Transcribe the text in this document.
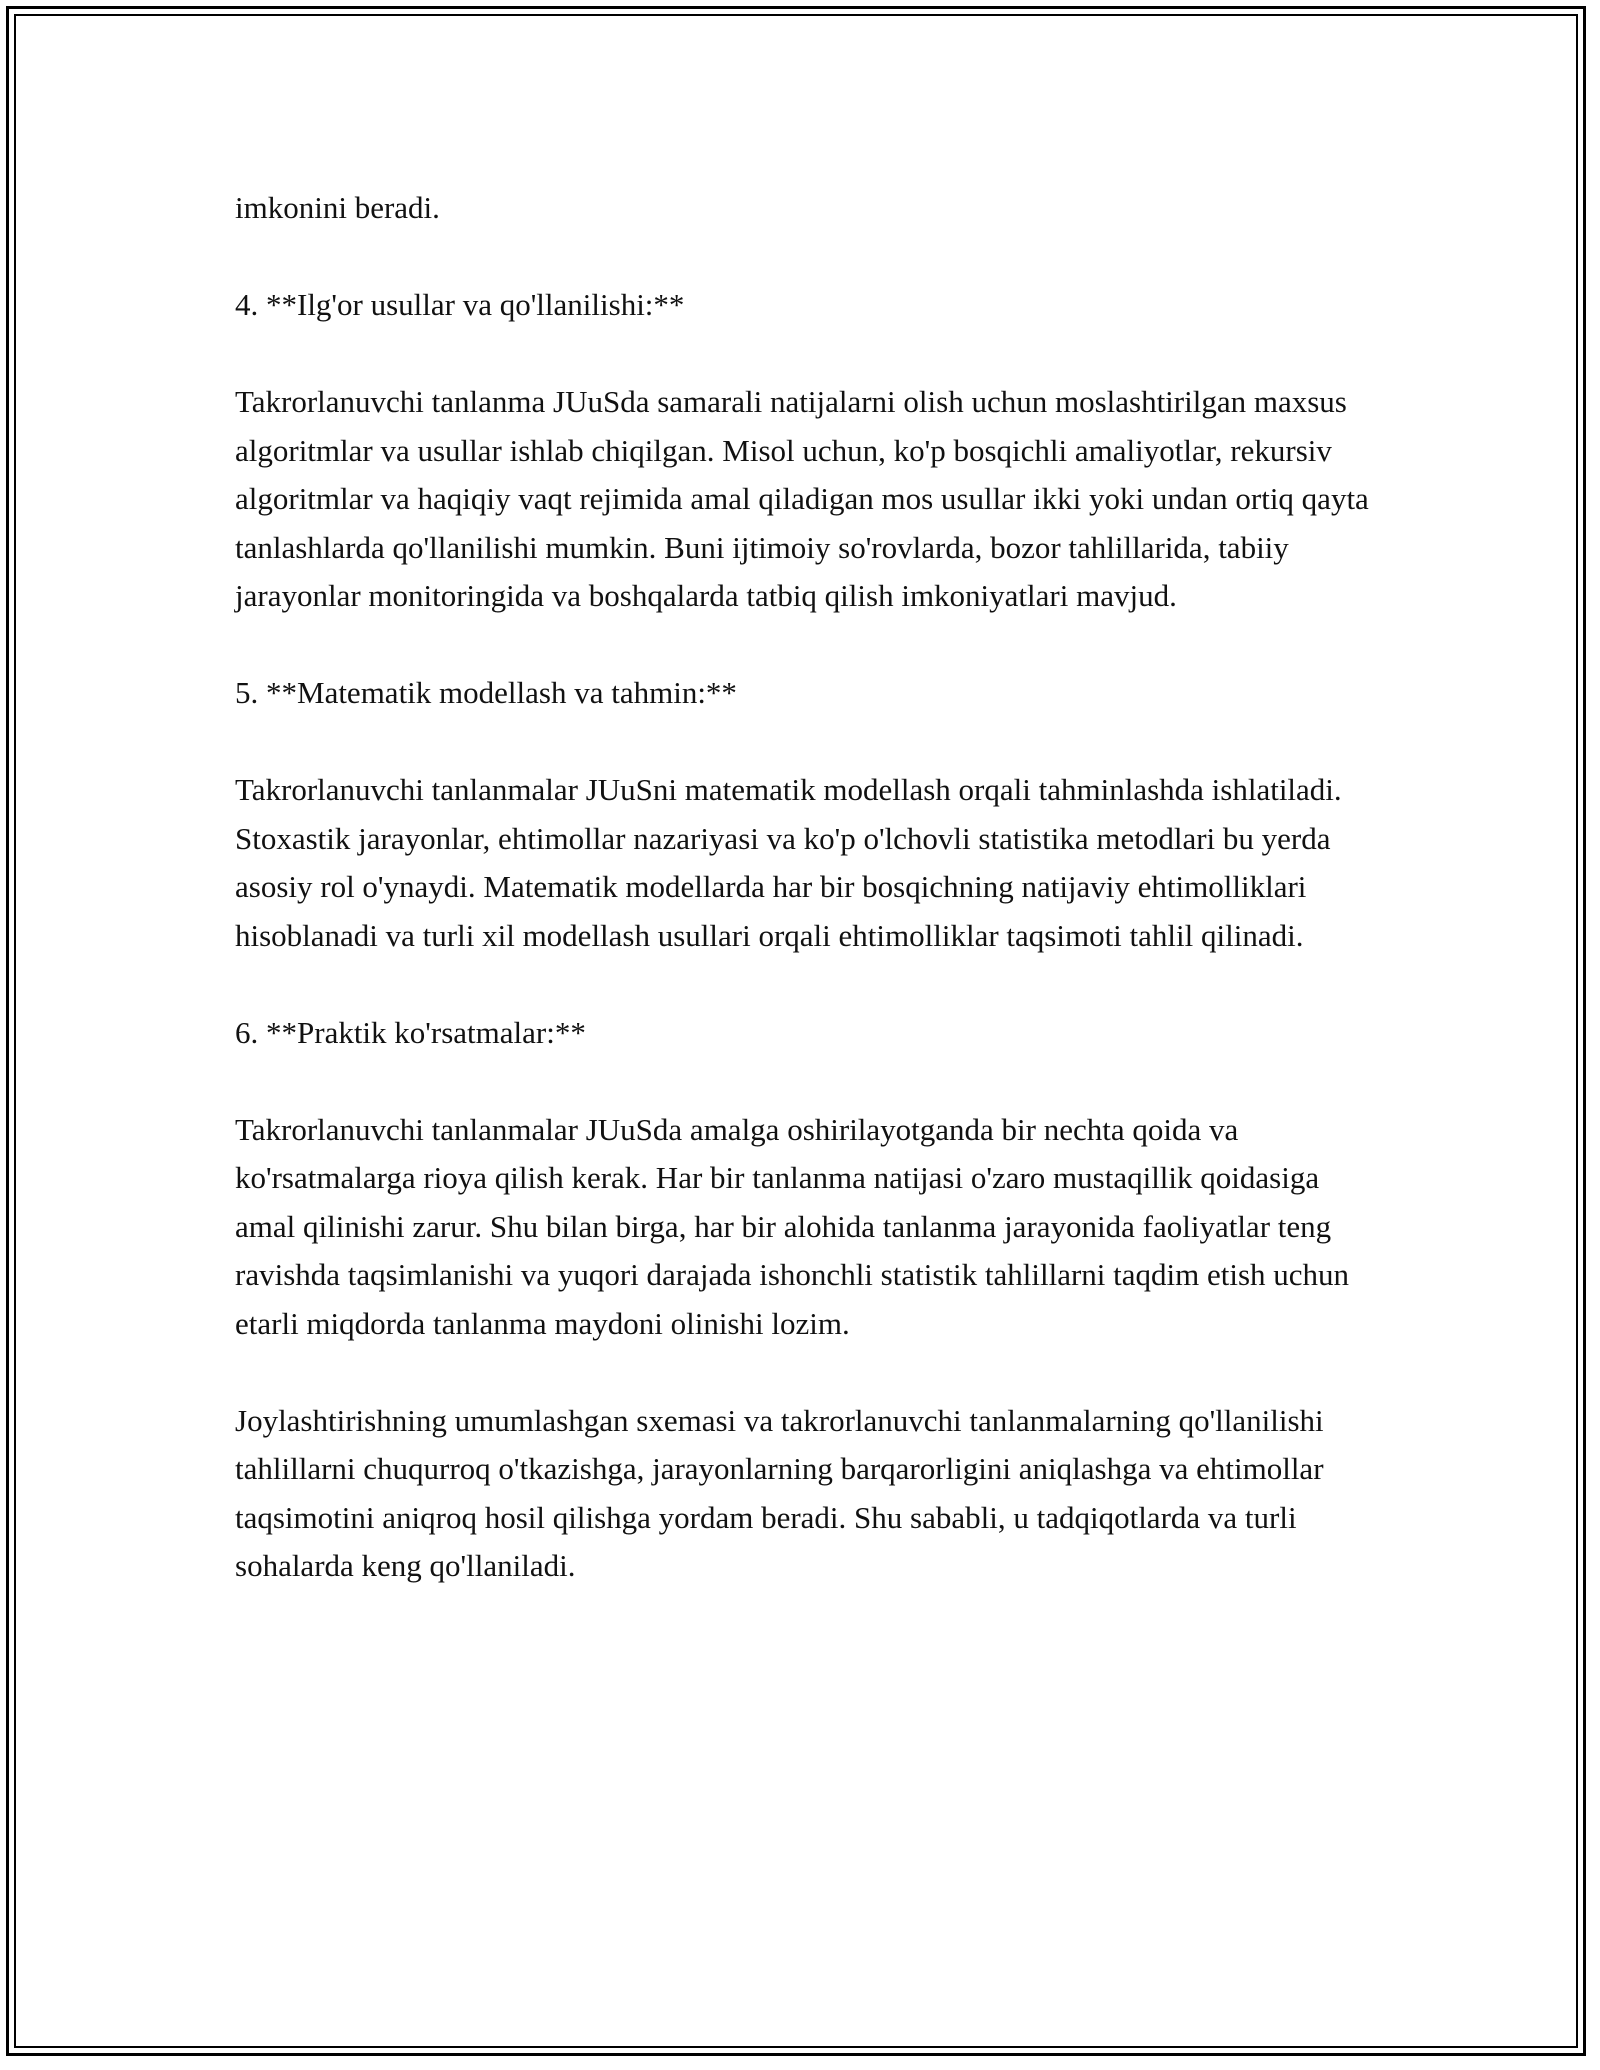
imkonini beradi.

4. **Ilg'or usullar va qo'llanilishi:**

Takrorlanuvchi tanlanma JUuSda samarali natijalarni olish uchun moslashtirilgan maxsus algoritmlar va usullar ishlab chiqilgan. Misol uchun, ko'p bosqichli amaliyotlar, rekursiv algoritmlar va haqiqiy vaqt rejimida amal qiladigan mos usullar ikki yoki undan ortiq qayta tanlashlarda qo'llanilishi mumkin. Buni ijtimoiy so'rovlarda, bozor tahlillarida, tabiiy jarayonlar monitoringida va boshqalarda tatbiq qilish imkoniyatlari mavjud.

5. **Matematik modellash va tahmin:**

Takrorlanuvchi tanlanmalar JUuSni matematik modellash orqali tahminlashda ishlatiladi. Stoxastik jarayonlar, ehtimollar nazariyasi va ko'p o'lchovli statistika metodlari bu yerda asosiy rol o'ynaydi. Matematik modellarda har bir bosqichning natijaviy ehtimolliklari hisoblanadi va turli xil modellash usullari orqali ehtimolliklar taqsimoti tahlil qilinadi.

6. **Praktik ko'rsatmalar:**

Takrorlanuvchi tanlanmalar JUuSda amalga oshirilayotganda bir nechta qoida va ko'rsatmalarga rioya qilish kerak. Har bir tanlanma natijasi o'zaro mustaqillik qoidasiga amal qilinishi zarur. Shu bilan birga, har bir alohida tanlanma jarayonida faoliyatlar teng ravishda taqsimlanishi va yuqori darajada ishonchli statistik tahlillarni taqdim etish uchun etarli miqdorda tanlanma maydoni olinishi lozim.

Joylashtirishning umumlashgan sxemasi va takrorlanuvchi tanlanmalarning qo'llanilishi tahlillarni chuqurroq o'tkazishga, jarayonlarning barqarorligini aniqlashga va ehtimollar taqsimotini aniqroq hosil qilishga yordam beradi. Shu sababli, u tadqiqotlarda va turli sohalarda keng qo'llaniladi.
